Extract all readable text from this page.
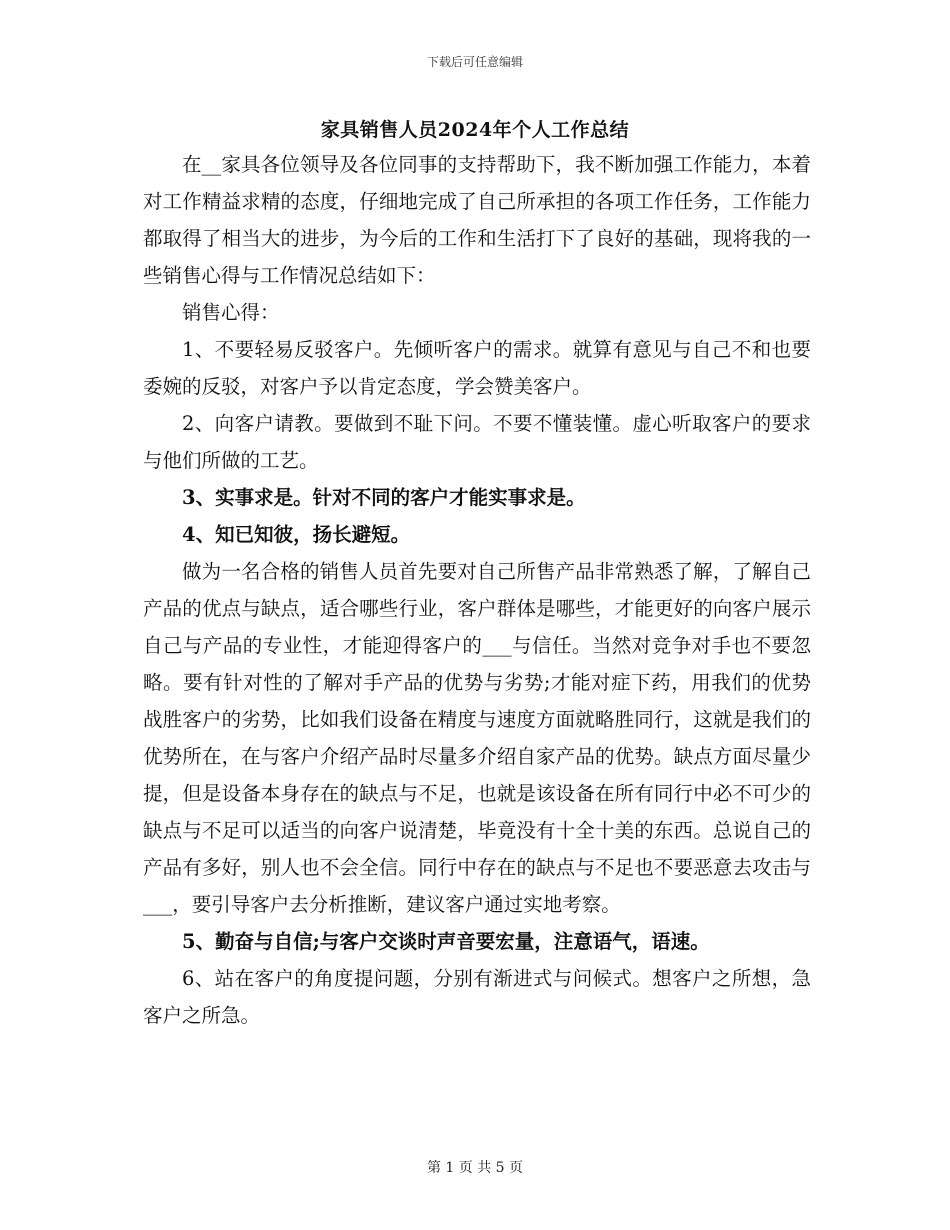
下载后可任意编辑
家具销售人员2024年个人工作总结

在__家具各位领导及各位同事的支持帮助下，我不断加强工作能力，本着对工作精益求精的态度，仔细地完成了自己所承担的各项工作任务，工作能力都取得了相当大的进步，为今后的工作和生活打下了良好的基础，现将我的一些销售心得与工作情况总结如下：

销售心得：

1、不要轻易反驳客户。先倾听客户的需求。就算有意见与自己不和也要委婉的反驳，对客户予以肯定态度，学会赞美客户。

2、向客户请教。要做到不耻下问。不要不懂装懂。虚心听取客户的要求与他们所做的工艺。

3、实事求是。针对不同的客户才能实事求是。

4、知已知彼，扬长避短。

做为一名合格的销售人员首先要对自己所售产品非常熟悉了解，了解自己产品的优点与缺点，适合哪些行业，客户群体是哪些，才能更好的向客户展示自己与产品的专业性，才能迎得客户的___与信任。当然对竞争对手也不要忽略。要有针对性的了解对手产品的优势与劣势;才能对症下药，用我们的优势战胜客户的劣势，比如我们设备在精度与速度方面就略胜同行，这就是我们的优势所在，在与客户介绍产品时尽量多介绍自家产品的优势。缺点方面尽量少提，但是设备本身存在的缺点与不足，也就是该设备在所有同行中必不可少的缺点与不足可以适当的向客户说清楚，毕竟没有十全十美的东西。总说自己的产品有多好，别人也不会全信。同行中存在的缺点与不足也不要恶意去攻击与___，要引导客户去分析推断，建议客户通过实地考察。

5、勤奋与自信;与客户交谈时声音要宏量，注意语气，语速。

6、站在客户的角度提问题，分别有渐进式与问候式。想客户之所想，急客户之所急。

第 1 页 共 5 页
